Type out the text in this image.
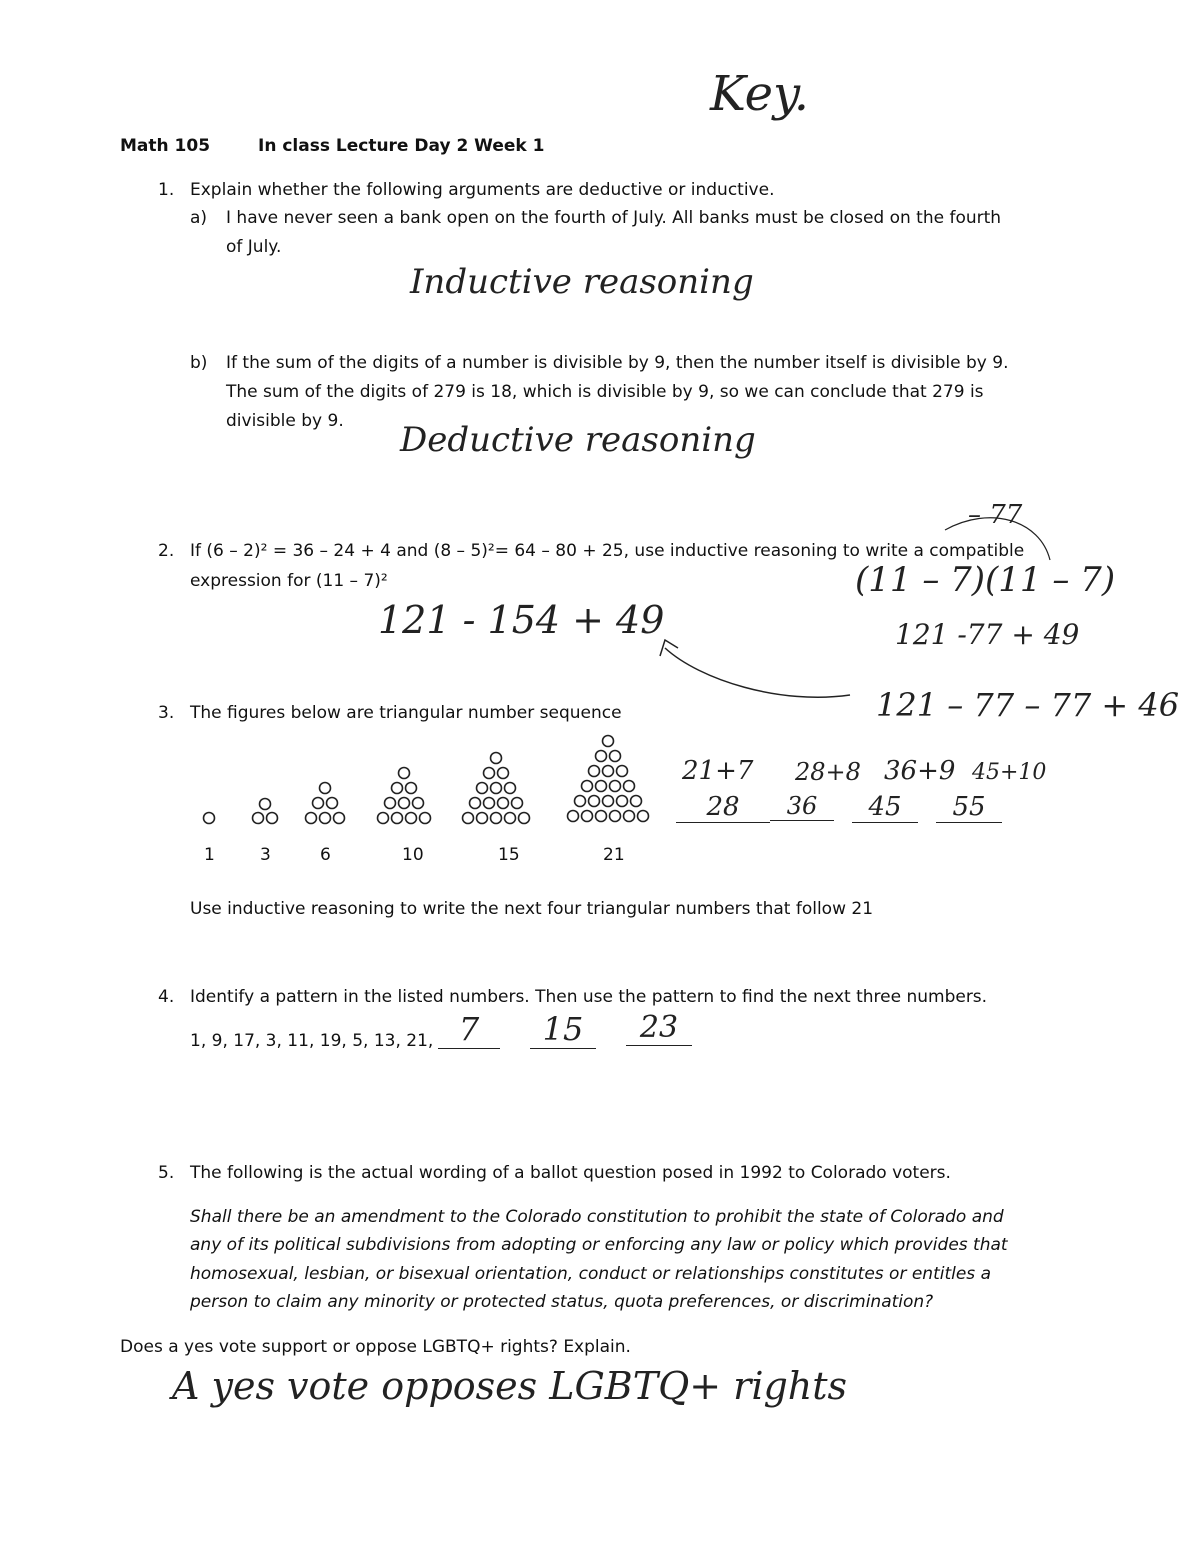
Key.
Math 105	In class Lecture Day 2 Week 1
1. Explain whether the following arguments are deductive or inductive.
a) I have never seen a bank open on the fourth of July. All banks must be closed on the fourth
of July.
Inductive reasoning
b) If the sum of the digits of a number is divisible by 9, then the number itself is divisible by 9.
The sum of the digits of 279 is 18, which is divisible by 9, so we can conclude that 279 is
divisible by 9. Deductive reasoning
2. If (6 – 2)² = 36 – 24 + 4 and (8 – 5)²= 64 – 80 + 25, use inductive reasoning to write a compatible
expression for (11 – 7)²
121 - 154 + 49
– 77
(11 – 7)(11 – 7)
121 -77 + 49
121 – 77 – 77 + 46
3. The figures below are triangular number sequence
1	3	6	10	15	21
21+7 28+8 36+9 45+10
28	36	45	55
Use inductive reasoning to write the next four triangular numbers that follow 21
4. Identify a pattern in the listed numbers. Then use the pattern to find the next three numbers.
1, 9, 17, 3, 11, 19, 5, 13, 21, 7	15	23
5. The following is the actual wording of a ballot question posed in 1992 to Colorado voters.
Shall there be an amendment to the Colorado constitution to prohibit the state of Colorado and
any of its political subdivisions from adopting or enforcing any law or policy which provides that
homosexual, lesbian, or bisexual orientation, conduct or relationships constitutes or entitles a
person to claim any minority or protected status, quota preferences, or discrimination?
Does a yes vote support or oppose LGBTQ+ rights? Explain.
A yes vote opposes LGBTQ+ rights
